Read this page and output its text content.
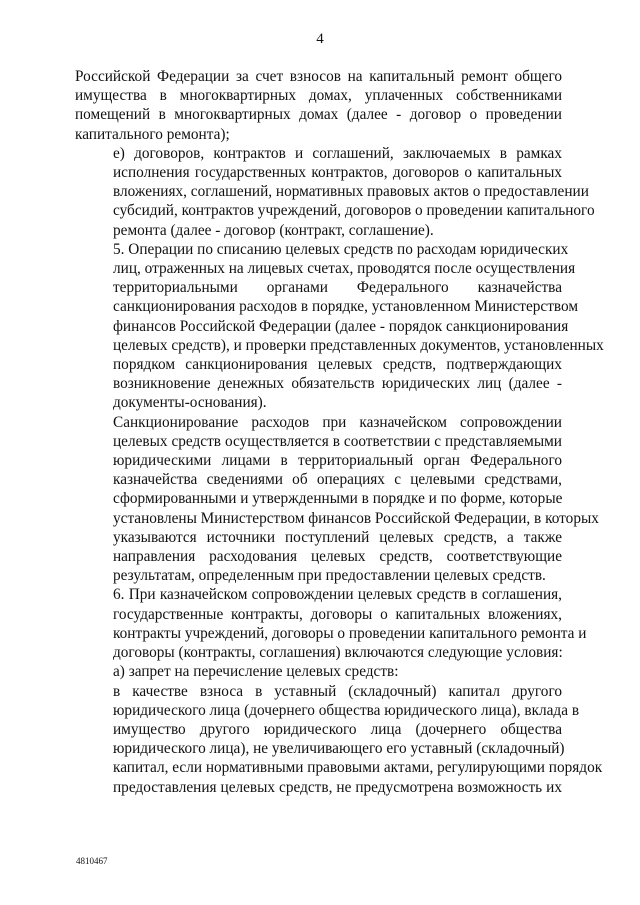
4

Российской Федерации за счет взносов на капитальный ремонт общего
имущества в многоквартирных домах, уплаченных собственниками
помещений в многоквартирных домах (далее - договор о проведении
капитального ремонта);

е) договоров, контрактов и соглашений, заключаемых в рамках
исполнения государственных контрактов, договоров о капитальных
вложениях, соглашений, нормативных правовых актов о предоставлении
субсидий, контрактов учреждений, договоров о проведении капитального
ремонта (далее - договор (контракт, соглашение).

5. Операции по списанию целевых средств по расходам юридических
лиц, отраженных на лицевых счетах, проводятся после осуществления
территориальными органами Федерального казначейства
санкционирования расходов в порядке, установленном Министерством
финансов Российской Федерации (далее - порядок санкционирования
целевых средств), и проверки представленных документов, установленных
порядком санкционирования целевых средств, подтверждающих
возникновение денежных обязательств юридических лиц (далее -
документы-основания).

Санкционирование расходов при казначейском сопровождении
целевых средств осуществляется в соответствии с представляемыми
юридическими лицами в территориальный орган Федерального
казначейства сведениями об операциях с целевыми средствами,
сформированными и утвержденными в порядке и по форме, которые
установлены Министерством финансов Российской Федерации, в которых
указываются источники поступлений целевых средств, а также
направления расходования целевых средств, соответствующие
результатам, определенным при предоставлении целевых средств.

6. При казначейском сопровождении целевых средств в соглашения,
государственные контракты, договоры о капитальных вложениях,
контракты учреждений, договоры о проведении капитального ремонта и
договоры (контракты, соглашения) включаются следующие условия:

а) запрет на перечисление целевых средств:

в качестве взноса в уставный (складочный) капитал другого
юридического лица (дочернего общества юридического лица), вклада в
имущество другого юридического лица (дочернего общества
юридического лица), не увеличивающего его уставный (складочный)
капитал, если нормативными правовыми актами, регулирующими порядок
предоставления целевых средств, не предусмотрена возможность их

4810467
